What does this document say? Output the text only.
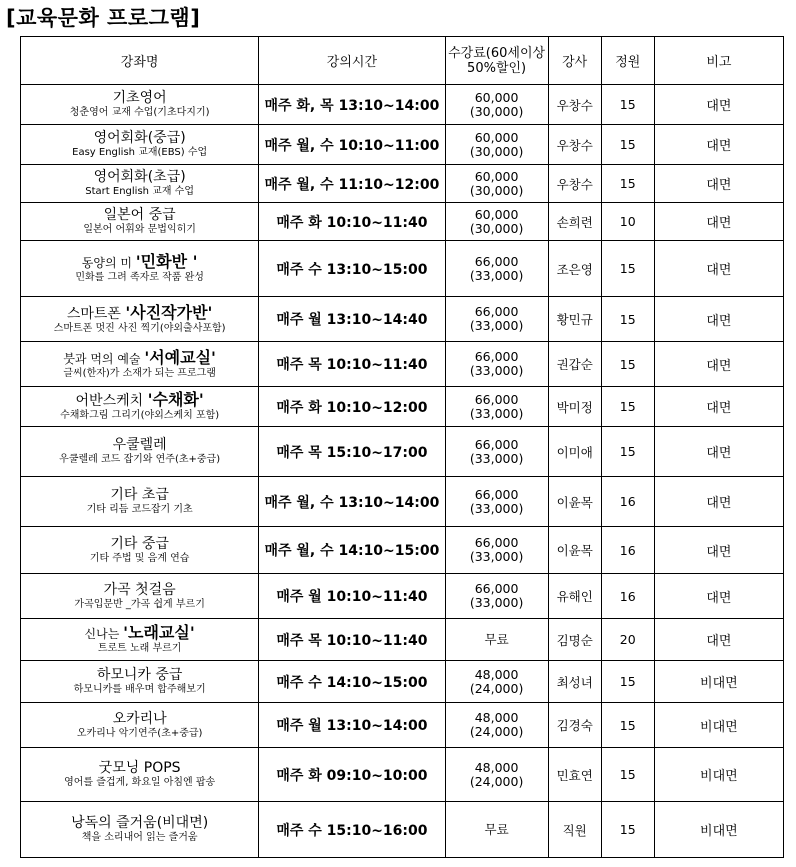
[교육문화 프로그램]
강좌명	강의시간	수강료(60세이상
50%할인)	강사	정원	비고

기초영어
청춘영어 교재 수업(기초다지기)	매주 화, 목 13:10~14:00	60,000
(30,000)	우창수	15	대면

영어회화(중급)
Easy English 교재(EBS) 수업	매주 월, 수 10:10~11:00	60,000
(30,000)	우창수	15	대면

영어회화(초급)
Start English 교재 수업	매주 월, 수 11:10~12:00	60,000
(30,000)	우창수	15	대면

일본어 중급
일본어 어휘와 문법익히기	매주 화 10:10~11:40	60,000
(30,000)	손희련	10	대면

동양의 미 '민화반 '
민화를 그려 족자로 작품 완성	매주 수 13:10~15:00	66,000
(33,000)	조은영	15	대면

스마트폰 '사진작가반'
스마트폰 멋진 사진 찍기(야외출사포함)	매주 월 13:10~14:40	66,000
(33,000)	황민규	15	대면

붓과 먹의 예술 '서예교실'
글씨(한자)가 소재가 되는 프로그램	매주 목 10:10~11:40	66,000
(33,000)	권갑순	15	대면

어반스케치 '수채화'
수채화그림 그리기(야외스케치 포함)	매주 화 10:10~12:00	66,000
(33,000)	박미정	15	대면

우쿨렐레
우쿨렐레 코드 잡기와 연주(초+중급)	매주 목 15:10~17:00	66,000
(33,000)	이미애	15	대면

기타 초급
기타 리듬 코드잡기 기초	매주 월, 수 13:10~14:00	66,000
(33,000)	이윤목	16	대면

기타 중급
기타 주법 및 음계 연습	매주 월, 수 14:10~15:00	66,000
(33,000)	이윤목	16	대면

가곡 첫걸음
가곡입문반 _가곡 쉽게 부르기	매주 월 10:10~11:40	66,000
(33,000)	유해인	16	대면

신나는 '노래교실'
트로트 노래 부르기	매주 목 10:10~11:40	무료	김명순	20	대면

하모니카 중급
하모니카를 배우며 합주해보기	매주 수 14:10~15:00	48,000
(24,000)	최성녀	15	비대면

오카리나
오카리나 악기연주(초+중급)	매주 월 13:10~14:00	48,000
(24,000)	김경숙	15	비대면

굿모닝 POPS
영어를 즐겁게, 화요일 아침엔 팝송	매주 화 09:10~10:00	48,000
(24,000)	민효연	15	비대면

낭독의 즐거움(비대면)
책을 소리내어 읽는 즐거움	매주 수 15:10~16:00	무료	직원	15	비대면
